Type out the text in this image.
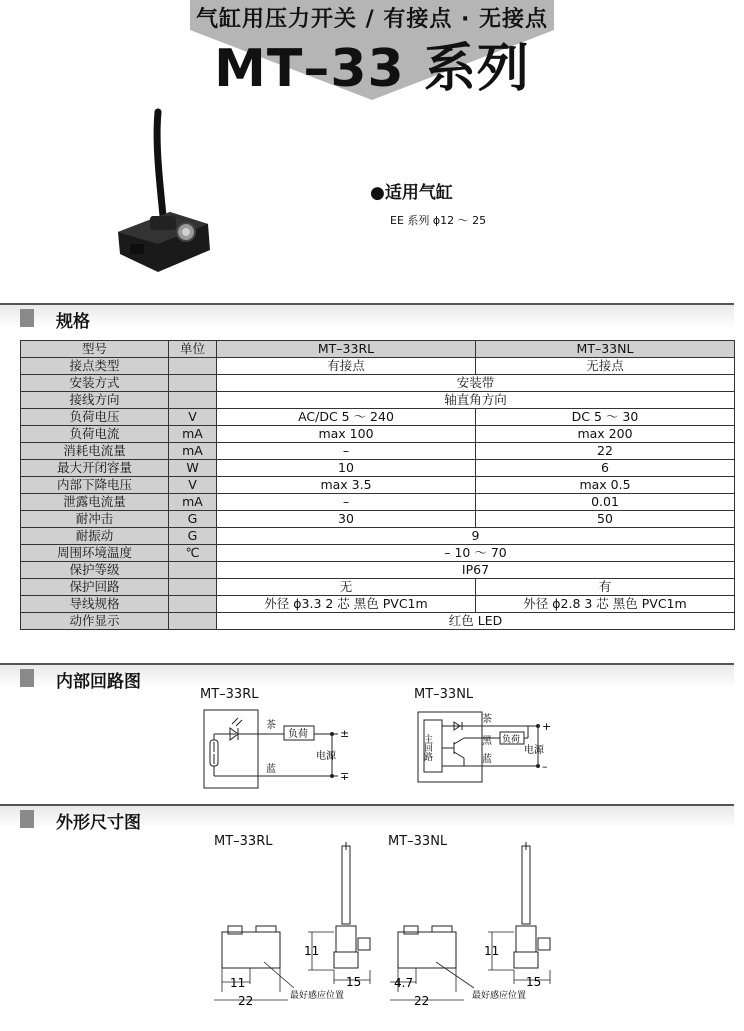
气缸用压力开关 / 有接点 · 无接点
MT–33 系列
●适用气缸
EE 系列 ϕ12 ～ 25
规格
型号	单位	MT–33RL	MT–33NL
接点类型		有接点	无接点
安装方式		安装带	
接线方向		轴直角方向	
负荷电压	V	AC/DC 5 ～ 240	DC 5 ～ 30
负荷电流	mA	max 100	max 200
消耗电流量	mA	–	22
最大开闭容量	W	10	6
内部下降电压	V	max 3.5	max 0.5
泄露电流量	mA	–	0.01
耐冲击	G	30	50
耐振动	G	9	
周围环境温度	℃	– 10 ～ 70	
保护等级		IP67	
保护回路		无	有
导线规格		外径 ϕ3.3 2 芯 黑色 PVC1m	外径 ϕ2.8 3 芯 黑色 PVC1m
动作显示		红色 LED	
内部回路图
MT–33RL	MT–33NL
茶
蓝
负荷
电源
±
∓
主回路
茶
黑
蓝
负荷
电源
+
–
外形尺寸图
MT–33RL	MT–33NL
11
22	最好感应位置
11
15	4.7
22	最好感应位置
11
15
